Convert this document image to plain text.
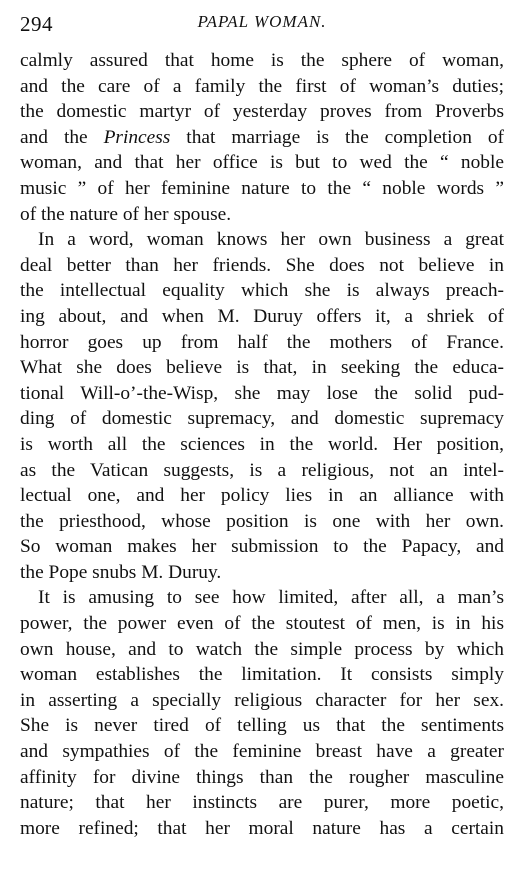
294	PAPAL WOMAN.
calmly assured that home is the sphere of woman,
and the care of a family the first of woman’s duties;
the domestic martyr of yesterday proves from Proverbs
and the Princess that marriage is the completion of
woman, and that her office is but to wed the “ noble
music ” of her feminine nature to the “ noble words ”
of the nature of her spouse.
In a word, woman knows her own business a great
deal better than her friends. She does not believe in
the intellectual equality which she is always preach-
ing about, and when M. Duruy offers it, a shriek of
horror goes up from half the mothers of France.
What she does believe is that, in seeking the educa-
tional Will-o’-the-Wisp, she may lose the solid pud-
ding of domestic supremacy, and domestic supremacy
is worth all the sciences in the world. Her position,
as the Vatican suggests, is a religious, not an intel-
lectual one, and her policy lies in an alliance with
the priesthood, whose position is one with her own.
So woman makes her submission to the Papacy, and
the Pope snubs M. Duruy.
It is amusing to see how limited, after all, a man’s
power, the power even of the stoutest of men, is in his
own house, and to watch the simple process by which
woman establishes the limitation. It consists simply
in asserting a specially religious character for her sex.
She is never tired of telling us that the sentiments
and sympathies of the feminine breast have a greater
affinity for divine things than the rougher masculine
nature; that her instincts are purer, more poetic,
more refined; that her moral nature has a certain
